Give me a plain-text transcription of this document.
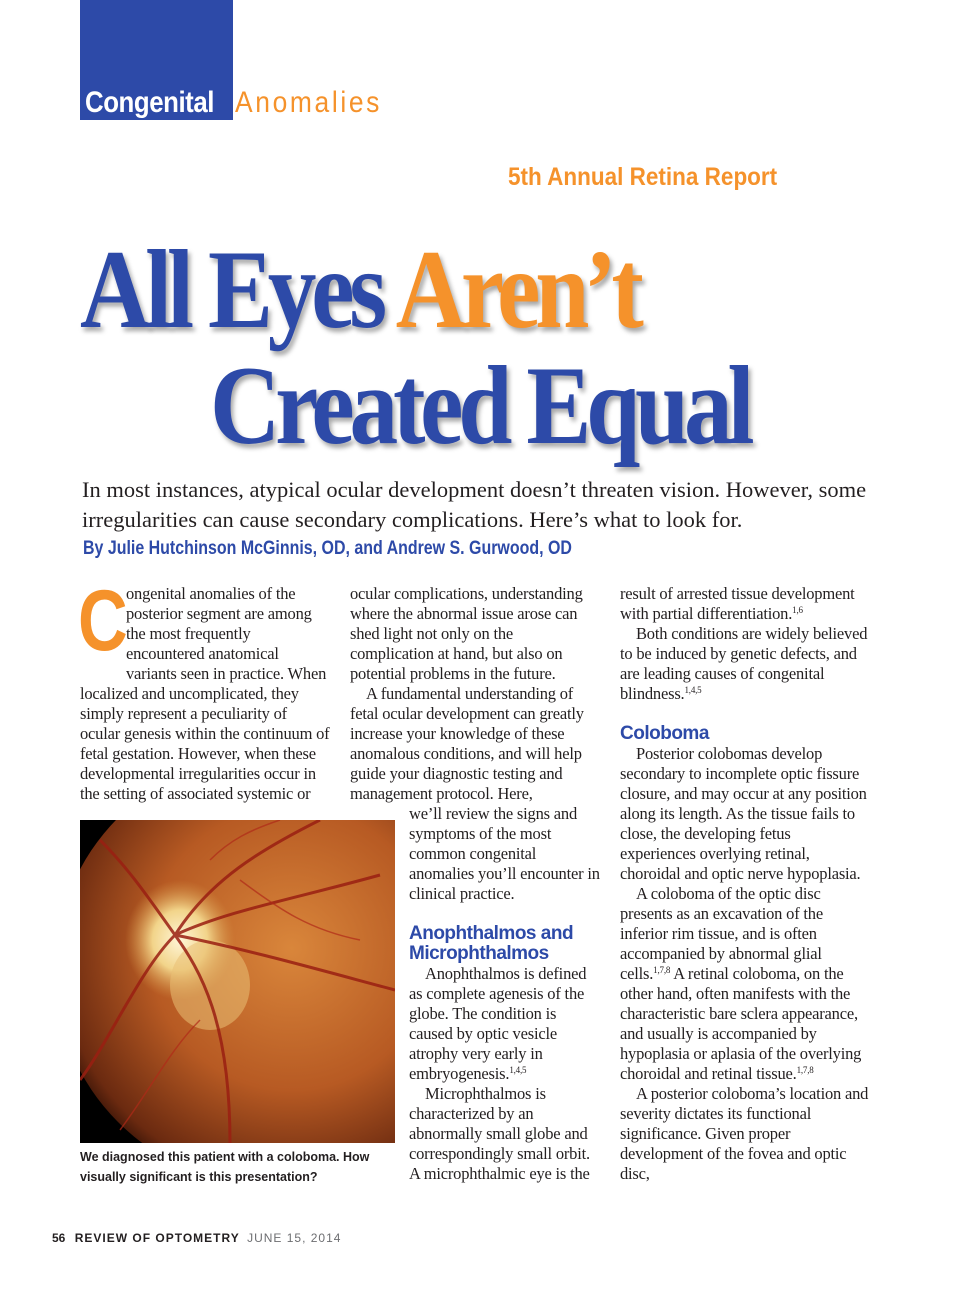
Congenital Anomalies
5th Annual Retina Report
All Eyes Aren’t
Created Equal
In most instances, atypical ocular development doesn’t threaten vision. However, some irregularities can cause secondary complications. Here’s what to look for.
By Julie Hutchinson McGinnis, OD, and Andrew S. Gurwood, OD

C
ongenital anomalies of the posterior segment are among the most frequently encountered anatomical variants seen in practice. When localized and uncomplicated, they simply represent a peculiarity of ocular genesis within the continuum of fetal gestation. However, when these developmental irregularities occur in the setting of associated systemic or

We diagnosed this patient with a coloboma. How visually significant is this presentation?

ocular complications, understanding where the abnormal issue arose can shed light not only on the complication at hand, but also on potential problems in the future.

A fundamental understanding of fetal ocular development can greatly increase your knowledge of these anomalous conditions, and will help guide your diagnostic testing and management protocol. Here,

we’ll review the signs and symptoms of the most common congenital anomalies you’ll encounter in clinical practice.

Anophthalmos and Microphthalmos

Anophthalmos is defined as complete agenesis of the globe. The condition is caused by optic vesicle atrophy very early in embryogenesis.$^{1,4,5}$

Microphthalmos is characterized by an abnormally small globe and correspondingly small orbit. A microphthalmic eye is the

result of arrested tissue development with partial differentiation.$^{1,6}$

Both conditions are widely believed to be induced by genetic defects, and are leading causes of congenital blindness.$^{1,4,5}$

Coloboma

Posterior colobomas develop secondary to incomplete optic fissure closure, and may occur at any position along its length. As the tissue fails to close, the developing fetus experiences overlying retinal, choroidal and optic nerve hypoplasia.

A coloboma of the optic disc presents as an excavation of the inferior rim tissue, and is often accompanied by abnormal glial cells.$^{1,7,8}$ A retinal coloboma, on the other hand, often manifests with the characteristic bare sclera appearance, and usually is accompanied by hypoplasia or aplasia of the overlying choroidal and retinal tissue.$^{1,7,8}$

A posterior coloboma’s location and severity dictates its functional significance. Given proper development of the fovea and optic disc,

56 REVIEW OF OPTOMETRY JUNE 15, 2014
